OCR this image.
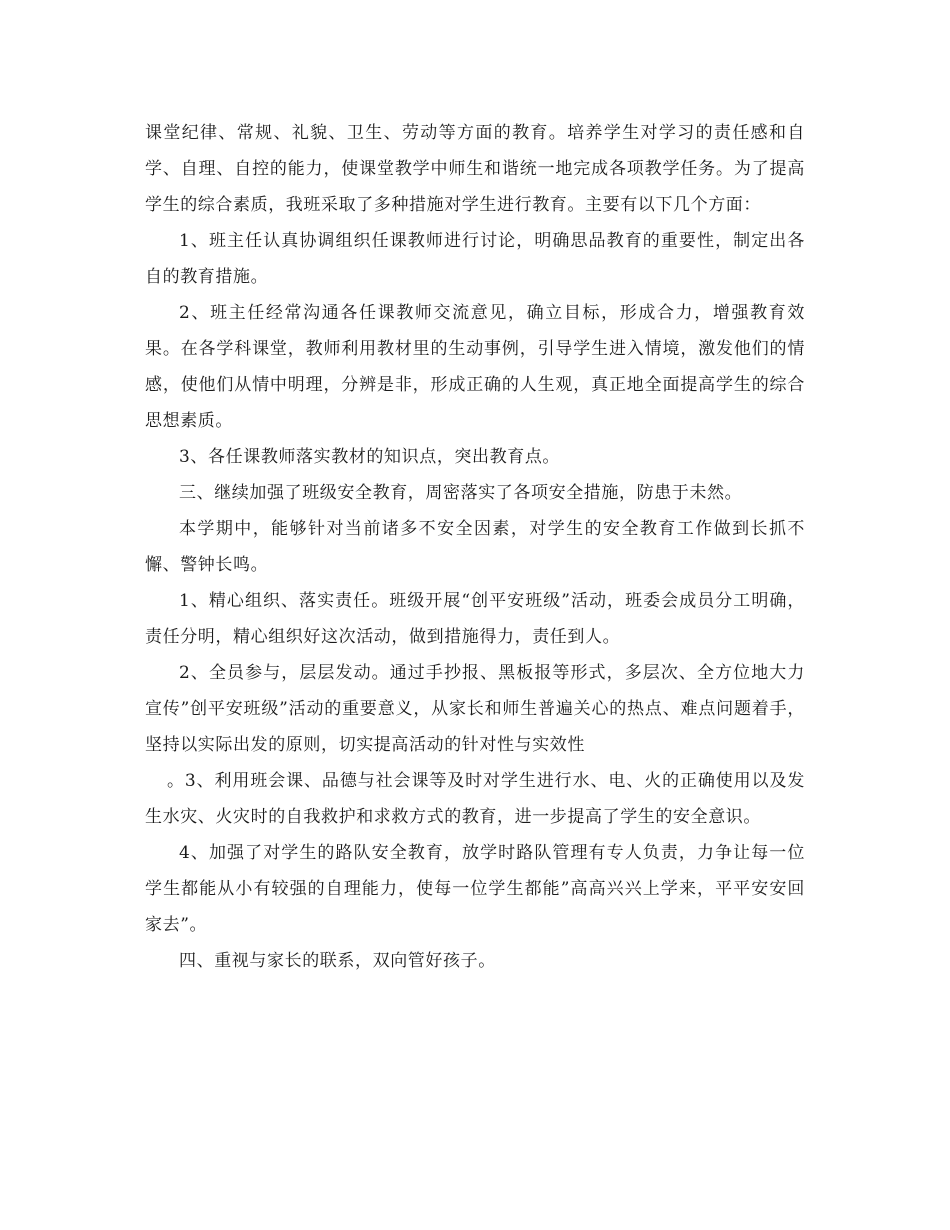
课堂纪律、常规、礼貌、卫生、劳动等方面的教育。培养学生对学习的责任感和自学、自理、自控的能力，使课堂教学中师生和谐统一地完成各项教学任务。为了提高学生的综合素质，我班采取了多种措施对学生进行教育。主要有以下几个方面：

1、班主任认真协调组织任课教师进行讨论，明确思品教育的重要性，制定出各自的教育措施。

2、班主任经常沟通各任课教师交流意见，确立目标，形成合力，增强教育效果。在各学科课堂，教师利用教材里的生动事例，引导学生进入情境，激发他们的情感，使他们从情中明理，分辨是非，形成正确的人生观，真正地全面提高学生的综合思想素质。

3、各任课教师落实教材的知识点，突出教育点。

三、继续加强了班级安全教育，周密落实了各项安全措施，防患于未然。

本学期中，能够针对当前诸多不安全因素，对学生的安全教育工作做到长抓不懈、警钟长鸣。

1、精心组织、落实责任。班级开展“创平安班级”活动，班委会成员分工明确，责任分明，精心组织好这次活动，做到措施得力，责任到人。

2、全员参与，层层发动。通过手抄报、黑板报等形式，多层次、全方位地大力宣传”创平安班级”活动的重要意义，从家长和师生普遍关心的热点、难点问题着手，坚持以实际出发的原则，切实提高活动的针对性与实效性

。3、利用班会课、品德与社会课等及时对学生进行水、电、火的正确使用以及发生水灾、火灾时的自我救护和求救方式的教育，进一步提高了学生的安全意识。

4、加强了对学生的路队安全教育，放学时路队管理有专人负责，力争让每一位学生都能从小有较强的自理能力，使每一位学生都能”高高兴兴上学来，平平安安回家去”。

四、重视与家长的联系，双向管好孩子。
